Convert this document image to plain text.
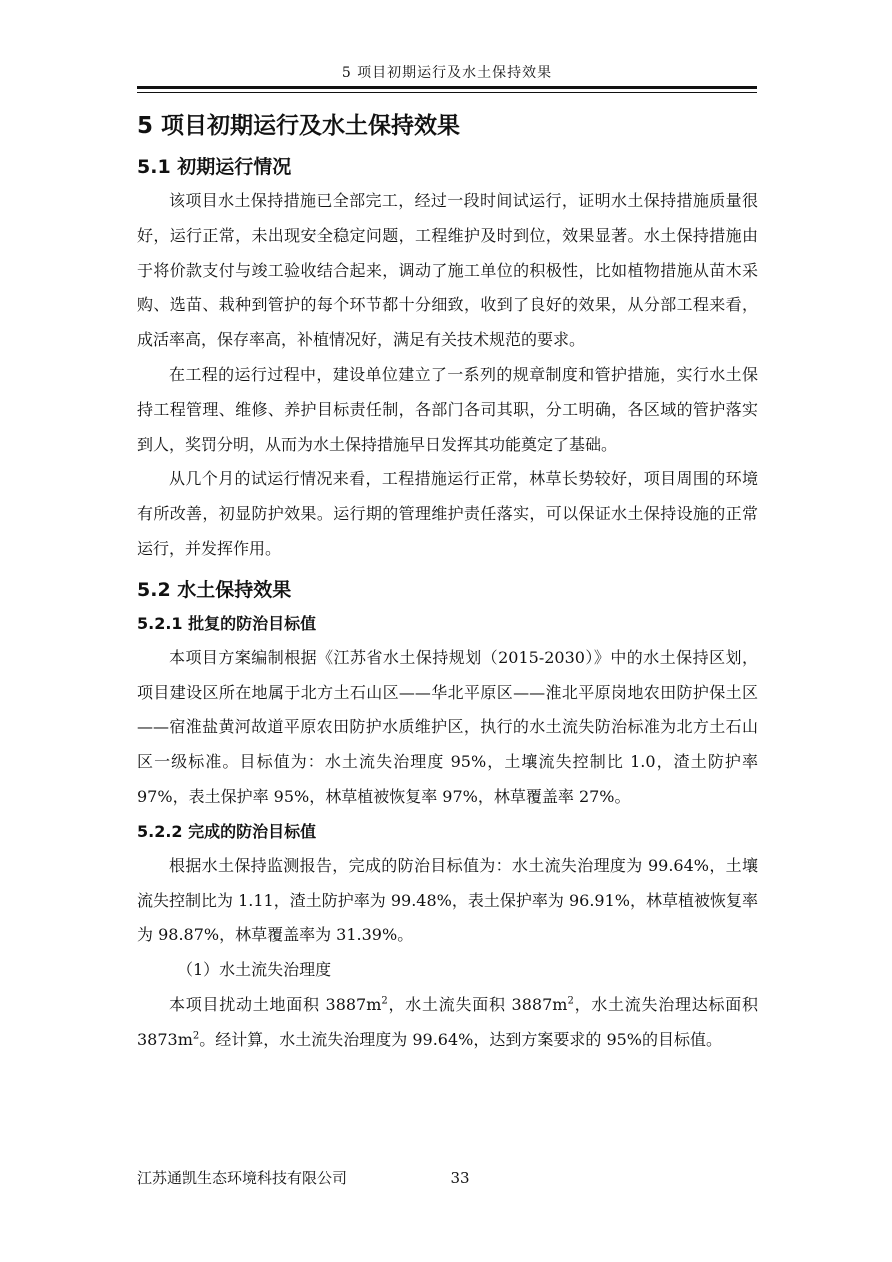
5 项目初期运行及水土保持效果
5 项目初期运行及水土保持效果
5.1 初期运行情况

该项目水土保持措施已全部完工，经过一段时间试运行，证明水土保持措施质量很好，运行正常，未出现安全稳定问题，工程维护及时到位，效果显著。水土保持措施由于将价款支付与竣工验收结合起来，调动了施工单位的积极性，比如植物措施从苗木采购、选苗、栽种到管护的每个环节都十分细致，收到了良好的效果，从分部工程来看，成活率高，保存率高，补植情况好，满足有关技术规范的要求。

在工程的运行过程中，建设单位建立了一系列的规章制度和管护措施，实行水土保持工程管理、维修、养护目标责任制，各部门各司其职，分工明确，各区域的管护落实到人，奖罚分明，从而为水土保持措施早日发挥其功能奠定了基础。

从几个月的试运行情况来看，工程措施运行正常，林草长势较好，项目周围的环境有所改善，初显防护效果。运行期的管理维护责任落实，可以保证水土保持设施的正常运行，并发挥作用。

5.2 水土保持效果
5.2.1 批复的防治目标值

本项目方案编制根据《江苏省水土保持规划（2015-2030）》中的水土保持区划，项目建设区所在地属于北方土石山区——华北平原区——淮北平原岗地农田防护保土区——宿淮盐黄河故道平原农田防护水质维护区，执行的水土流失防治标准为北方土石山区一级标准。目标值为：水土流失治理度 95%，土壤流失控制比 1.0，渣土防护率 97%，表土保护率 95%，林草植被恢复率 97%，林草覆盖率 27%。

5.2.2 完成的防治目标值

根据水土保持监测报告，完成的防治目标值为：水土流失治理度为 99.64%，土壤流失控制比为 1.11，渣土防护率为 99.48%，表土保护率为 96.91%，林草植被恢复率为 98.87%，林草覆盖率为 31.39%。

（1）水土流失治理度

本项目扰动土地面积 $3887m^2$，水土流失面积 $3887m^2$，水土流失治理达标面积 $3873m^2$。经计算，水土流失治理度为 99.64%，达到方案要求的 95%的目标值。

江苏通凯生态环境科技有限公司	33
